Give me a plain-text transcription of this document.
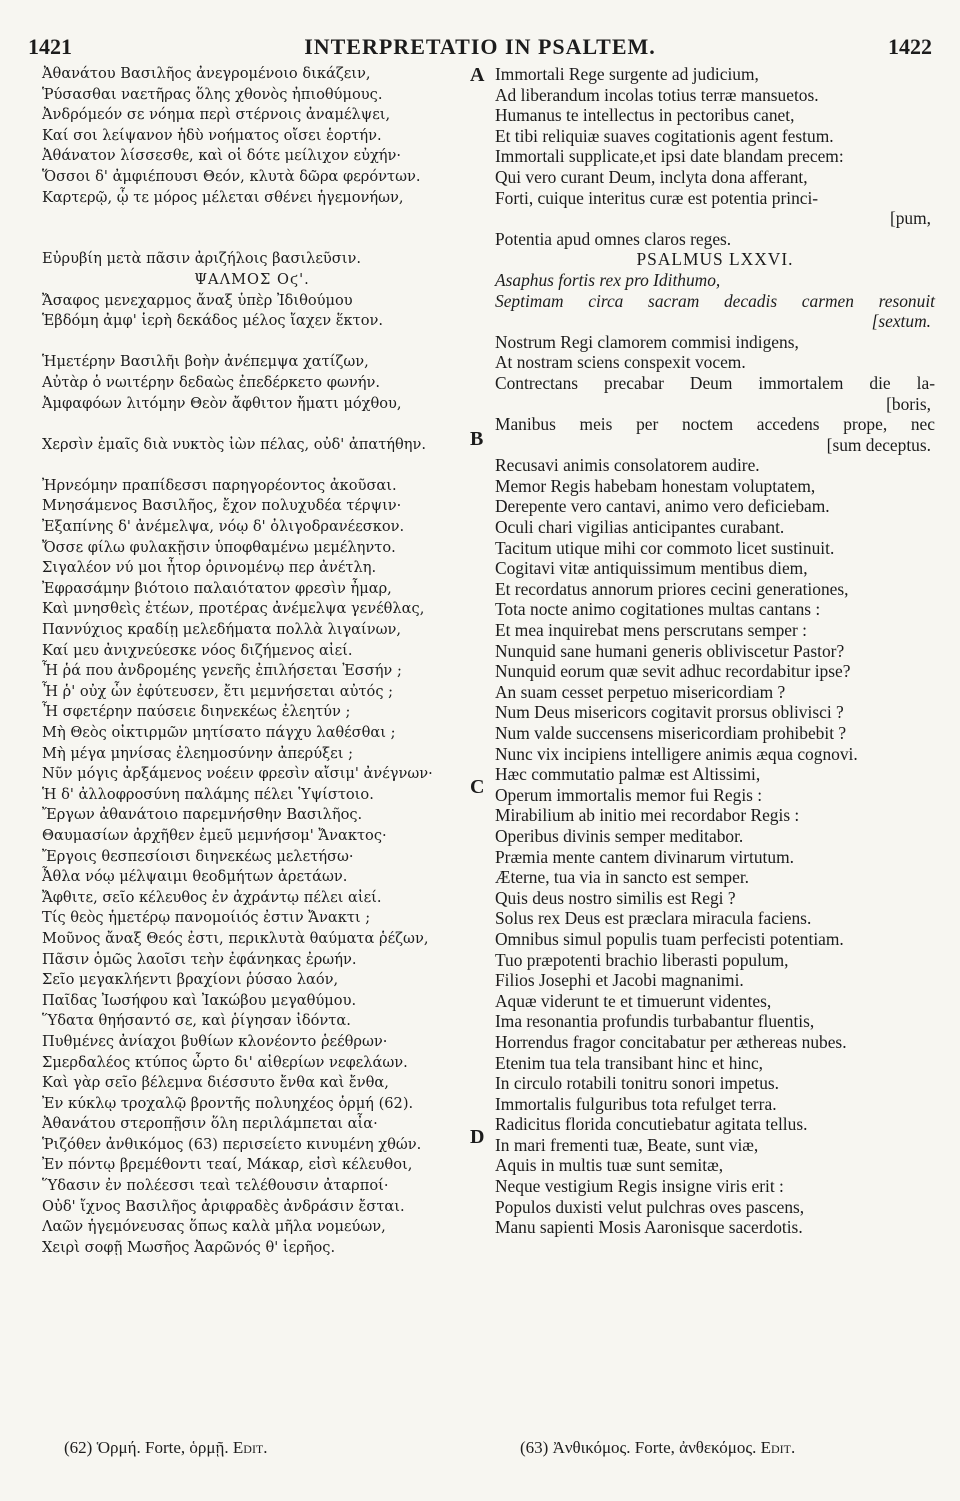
1421	INTERPRETATIO IN PSALTEM.	1422
Ἀθανάτου Βασιλῆος ἀνεγρομένοιο δικάζειν,
Ῥύσασθαι ναετῆρας ὅλης χθονὸς ἠπιοθύμους.
Ἀνδρόμεόν σε νόημα περὶ στέρνοις ἀναμέλψει,
Καί σοι λείψανον ἡδὺ νοήματος οἴσει ἑορτήν.
Ἀθάνατον λίσσεσθε, καὶ οἱ δότε μείλιχον εὐχήν·
Ὅσσοι δ' ἀμφιέπουσι Θεόν, κλυτὰ δῶρα φερόντων.
Καρτερῷ, ᾧ τε μόρος μέλεται σθένει ἡγεμονήων,
Εὐρυβίη μετὰ πᾶσιν ἀριζήλοις βασιλεῦσιν.
ΨΑΛΜΟΣ Οϛ'.
Ἄσαφος μενεχαρμος ἄναξ ὑπὲρ Ἰδιθούμου
Ἑβδόμη ἀμφ' ἱερὴ δεκάδος μέλος ἴαχεν ἕκτον.
Ἡμετέρην Βασιλῆι βοὴν ἀνέπεμψα χατίζων,
Αὐτὰρ ὁ νωιτέρην δεδαὼς ἐπεδέρκετο φωνήν.
Ἀμφαφόων λιτόμην Θεὸν ἄφθιτον ἤματι μόχθου,
Χερσὶν ἐμαῖς διὰ νυκτὸς ἰὼν πέλας, οὐδ' ἀπατήθην.
Ἠρνεόμην πραπίδεσσι παρηγορέοντος ἀκοῦσαι.
Μνησάμενος Βασιλῆος, ἔχον πολυχυδέα τέρψιν·
Ἐξαπίνης δ' ἀνέμελψα, νόῳ δ' ὀλιγοδρανέεσκον.
Ὄσσε φίλω φυλακῇσιν ὑποφθαμένω μεμέληντο.
Σιγαλέον νύ μοι ἦτορ ὀρινομένῳ περ ἀνέτλη.
Ἐφρασάμην βιότοιο παλαιότατον φρεσὶν ἦμαρ,
Καὶ μνησθεὶς ἐτέων, προτέρας ἀνέμελψα γενέθλας,
Παννύχιος κραδίῃ μελεδήματα πολλὰ λιγαίνων,
Καί μευ ἀνιχνεύεσκε νόος διζήμενος αἰεί.
Ἦ ῥά που ἀνδρομέης γενεῆς ἐπιλήσεται Ἐσσήν ;
Ἦ ῥ' οὐχ ὧν ἐφύτευσεν, ἔτι μεμνήσεται αὐτός ;
Ἦ σφετέρην παύσειε διηνεκέως ἐλεητύν ;
Μὴ Θεὸς οἰκτιρμῶν μητίσατο πάγχυ λαθέσθαι ;
Μὴ μέγα μηνίσας ἐλεημοσύνην ἀπερύξει ;
Νῦν μόγις ἀρξάμενος νοέειν φρεσὶν αἴσιμ' ἀνέγνων·
Ἡ δ' ἀλλοφροσύνη παλάμης πέλει Ὑψίστοιο.
Ἔργων ἀθανάτοιο παρεμνήσθην Βασιλῆος.
Θαυμασίων ἀρχῆθεν ἐμεῦ μεμνήσομ' Ἄνακτος·
Ἔργοις θεσπεσίοισι διηνεκέως μελετήσω·
Ἆθλα νόῳ μέλψαιμι θεοδμήτων ἀρετάων.
Ἄφθιτε, σεῖο κέλευθος ἐν ἀχράντῳ πέλει αἰεί.
Τίς θεὸς ἡμετέρῳ πανομοίιός ἐστιν Ἄνακτι ;
Μοῦνος ἄναξ Θεός ἐστι, περικλυτὰ θαύματα ῥέζων,
Πᾶσιν ὁμῶς λαοῖσι τεὴν ἐφάνηκας ἐρωήν.
Σεῖο μεγακλήεντι βραχίονι ῥύσαο λαόν,
Παῖδας Ἰωσήφου καὶ Ἰακώβου μεγαθύμου.
Ὕδατα θηήσαντό σε, καὶ ῥίγησαν ἰδόντα.
Πυθμένες ἀνίαχοι βυθίων κλονέοντο ῥεέθρων·
Σμερδαλέος κτύπος ὦρτο δι' αἰθερίων νεφελάων.
Καὶ γὰρ σεῖο βέλεμνα διέσσυτο ἔνθα καὶ ἔνθα,
Ἐν κύκλῳ τροχαλῷ βροντῆς πολυηχέος ὁρμή (62).
Ἀθανάτου στεροπῇσιν ὅλη περιλάμπεται αἶα·
Ῥιζόθεν ἀνθικόμος (63) περισείετο κινυμένη χθών.
Ἐν πόντῳ βρεμέθοντι τεαί, Μάκαρ, εἰσὶ κέλευθοι,
Ὕδασιν ἐν πολέεσσι τεαὶ τελέθουσιν ἀταρποί·
Οὐδ' ἴχνος Βασιλῆος ἀριφραδὲς ἀνδράσιν ἔσται.
Λαῶν ἡγεμόνευσας ὅπως καλὰ μῆλα νομεύων,
Χειρὶ σοφῇ Μωσῆος Ἀαρῶνός θ' ἱερῆος.
A
B
C
D
Immortali Rege surgente ad judicium,
Ad liberandum incolas totius terræ mansuetos.
Humanus te intellectus in pectoribus canet,
Et tibi reliquiæ suaves cogitationis agent festum.
Immortali supplicate,et ipsi date blandam precem:
Qui vero curant Deum, inclyta dona afferant,
Forti, cuique interitus curæ est potentia princi-
[pum,
Potentia apud omnes claros reges.
PSALMUS LXXVI.
Asaphus fortis rex pro Idithumo,
Septimam circa sacram decadis carmen resonuit
[sextum.
Nostrum Regi clamorem commisi indigens,
At nostram sciens conspexit vocem.
Contrectans precabar Deum immortalem die la-
[boris,
Manibus meis per noctem accedens prope, nec
[sum deceptus.
Recusavi animis consolatorem audire.
Memor Regis habebam honestam voluptatem,
Derepente vero cantavi, animo vero deficiebam.
Oculi chari vigilias anticipantes curabant.
Tacitum utique mihi cor commoto licet sustinuit.
Cogitavi vitæ antiquissimum mentibus diem,
Et recordatus annorum priores cecini generationes,
Tota nocte animo cogitationes multas cantans :
Et mea inquirebat mens perscrutans semper :
Nunquid sane humani generis obliviscetur Pastor?
Nunquid eorum quæ sevit adhuc recordabitur ipse?
An suam cesset perpetuo misericordiam ?
Num Deus misericors cogitavit prorsus oblivisci ?
Num valde succensens misericordiam prohibebit ?
Nunc vix incipiens intelligere animis æqua cognovi.
Hæc commutatio palmæ est Altissimi,
Operum immortalis memor fui Regis :
Mirabilium ab initio mei recordabor Regis :
Operibus divinis semper meditabor.
Præmia mente cantem divinarum virtutum.
Æterne, tua via in sancto est semper.
Quis deus nostro similis est Regi ?
Solus rex Deus est præclara miracula faciens.
Omnibus simul populis tuam perfecisti potentiam.
Tuo præpotenti brachio liberasti populum,
Filios Josephi et Jacobi magnanimi.
Aquæ viderunt te et timuerunt videntes,
Ima resonantia profundis turbabantur fluentis,
Horrendus fragor concitabatur per æthereas nubes.
Etenim tua tela transibant hinc et hinc,
In circulo rotabili tonitru sonori impetus.
Immortalis fulguribus tota refulget terra.
Radicitus florida concutiebatur agitata tellus.
In mari frementi tuæ, Beate, sunt viæ,
Aquis in multis tuæ sunt semitæ,
Neque vestigium Regis insigne viris erit :
Populos duxisti velut pulchras oves pascens,
Manu sapienti Mosis Aaronisque sacerdotis.
(62) Ὁρμή. Forte, ὁρμῇ. Edit.	(63) Ἀνθικόμος. Forte, ἀνθεκόμος. Edit.
